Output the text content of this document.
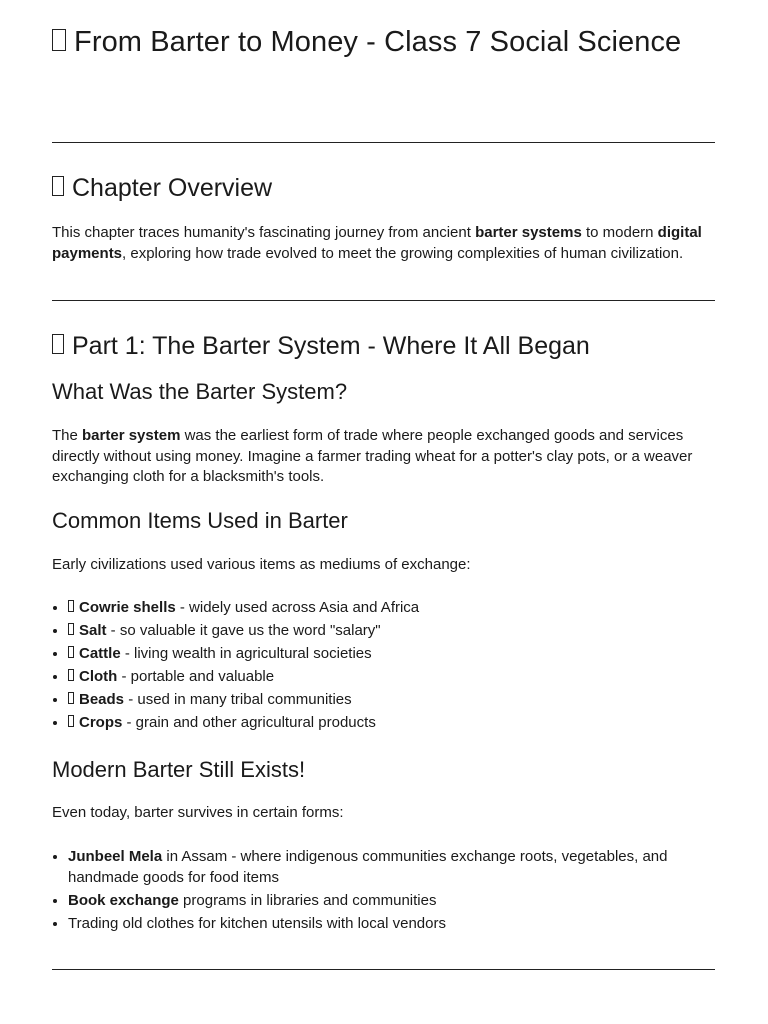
From Barter to Money - Class 7 Social Science
Chapter Overview

This chapter traces humanity's fascinating journey from ancient barter systems to modern digital payments, exploring how trade evolved to meet the growing complexities of human civilization.

Part 1: The Barter System - Where It All Began
What Was the Barter System?

The barter system was the earliest form of trade where people exchanged goods and services directly without using money. Imagine a farmer trading wheat for a potter's clay pots, or a weaver exchanging cloth for a blacksmith's tools.

Common Items Used in Barter

Early civilizations used various items as mediums of exchange:

• Cowrie shells - widely used across Asia and Africa
• Salt - so valuable it gave us the word "salary"
• Cattle - living wealth in agricultural societies
• Cloth - portable and valuable
• Beads - used in many tribal communities
• Crops - grain and other agricultural products
Modern Barter Still Exists!

Even today, barter survives in certain forms:

• Junbeel Mela in Assam - where indigenous communities exchange roots, vegetables, and handmade goods for food items
• Book exchange programs in libraries and communities
• Trading old clothes for kitchen utensils with local vendors
